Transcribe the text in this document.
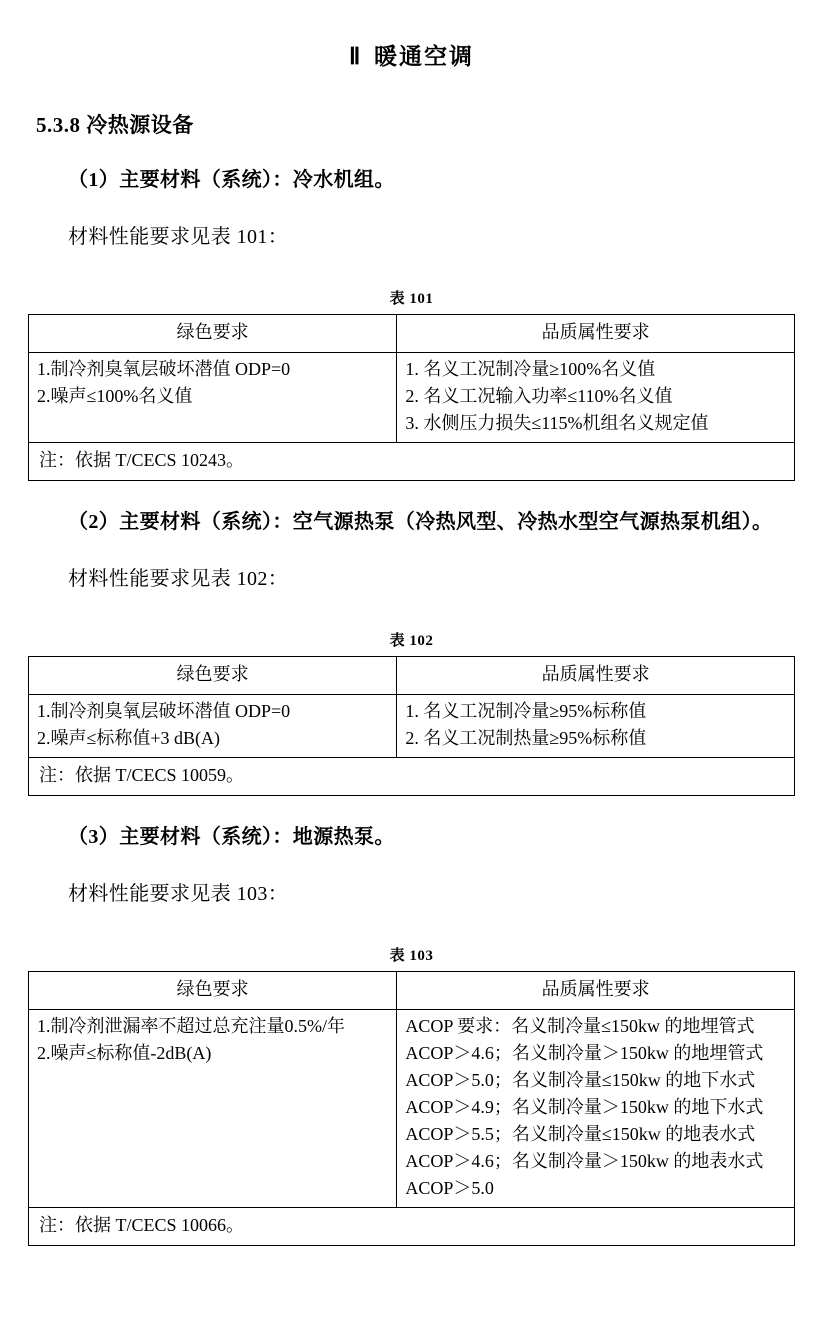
Ⅱ 暖通空调
5.3.8 冷热源设备

（1）主要材料（系统）：冷水机组。

材料性能要求见表 101：

表 101
绿色要求	品质属性要求

1.制冷剂臭氧层破坏潜值 ODP=0
2.噪声≤100%名义值	1. 名义工况制冷量≥100%名义值
2. 名义工况输入功率≤110%名义值
3. 水侧压力损失≤115%机组名义规定值

注：依据 T/CECS 10243。	

（2）主要材料（系统）：空气源热泵（冷热风型、冷热水型空气源热泵机组）。

材料性能要求见表 102：

表 102
绿色要求	品质属性要求

1.制冷剂臭氧层破坏潜值 ODP=0
2.噪声≤标称值+3 dB(A)	1. 名义工况制冷量≥95%标称值
2. 名义工况制热量≥95%标称值

注：依据 T/CECS 10059。	

（3）主要材料（系统）：地源热泵。

材料性能要求见表 103：

表 103
绿色要求	品质属性要求

1.制冷剂泄漏率不超过总充注量0.5%/年
2.噪声≤标称值-2dB(A)	ACOP 要求：名义制冷量≤150kw 的地埋管式 ACOP＞4.6；名义制冷量＞150kw 的地埋管式 ACOP＞5.0；名义制冷量≤150kw 的地下水式 ACOP＞4.9；名义制冷量＞150kw 的地下水式 ACOP＞5.5；名义制冷量≤150kw 的地表水式 ACOP＞4.6；名义制冷量＞150kw 的地表水式 ACOP＞5.0

注：依据 T/CECS 10066。	
